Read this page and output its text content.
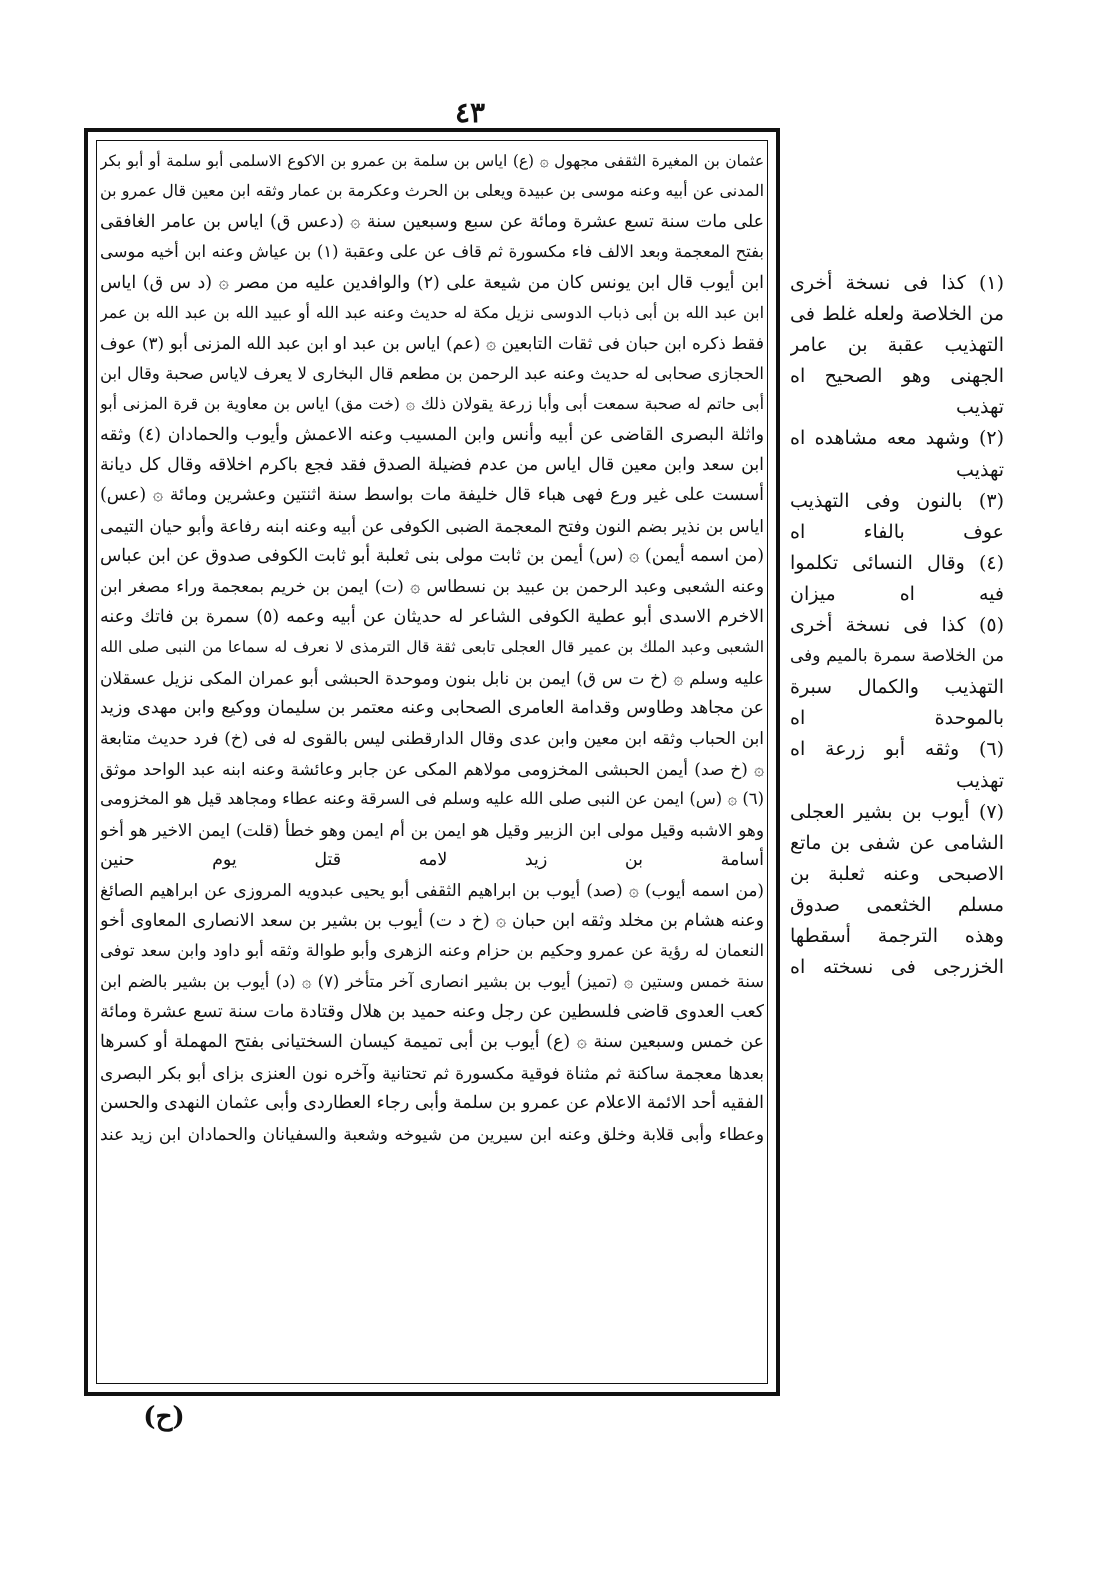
٤٣
عثمان بن المغيرة الثقفى مجهول ۞ (ع) اياس بن سلمة بن عمرو بن الاكوع الاسلمى أبو سلمة أو أبو بكر
المدنى عن أبيه وعنه موسى بن عبيدة ويعلى بن الحرث وعكرمة بن عمار وثقه ابن معين قال عمرو بن
على مات سنة تسع عشرة ومائة عن سبع وسبعين سنة ۞ (دعس ق) اياس بن عامر الغافقى
بفتح المعجمة وبعد الالف فاء مكسورة ثم قاف عن على وعقبة (١) بن عياش وعنه ابن أخيه موسى
ابن أيوب قال ابن يونس كان من شيعة على (٢) والوافدين عليه من مصر ۞ (د س ق) اياس
ابن عبد الله بن أبى ذباب الدوسى نزيل مكة له حديث وعنه عبد الله أو عبيد الله بن عبد الله بن عمر
فقط ذكره ابن حبان فى ثقات التابعين ۞ (عم) اياس بن عبد او ابن عبد الله المزنى أبو (٣) عوف
الحجازى صحابى له حديث وعنه عبد الرحمن بن مطعم قال البخارى لا يعرف لاياس صحبة وقال ابن
أبى حاتم له صحبة سمعت أبى وأبا زرعة يقولان ذلك ۞ (خت مق) اياس بن معاوية بن قرة المزنى أبو
واثلة البصرى القاضى عن أبيه وأنس وابن المسيب وعنه الاعمش وأيوب والحمادان (٤) وثقه
ابن سعد وابن معين قال اياس من عدم فضيلة الصدق فقد فجع باكرم اخلاقه وقال كل ديانة
أسست على غير ورع فهى هباء قال خليفة مات بواسط سنة اثنتين وعشرين ومائة ۞ (عس)
اياس بن نذير بضم النون وفتح المعجمة الضبى الكوفى عن أبيه وعنه ابنه رفاعة وأبو حيان التيمى
(من اسمه أيمن) ۞ (س) أيمن بن ثابت مولى بنى ثعلبة أبو ثابت الكوفى صدوق عن ابن عباس
وعنه الشعبى وعبد الرحمن بن عبيد بن نسطاس ۞ (ت) ايمن بن خريم بمعجمة وراء مصغر ابن
الاخرم الاسدى أبو عطية الكوفى الشاعر له حديثان عن أبيه وعمه (٥) سمرة بن فاتك وعنه
الشعبى وعبد الملك بن عمير قال العجلى تابعى ثقة قال الترمذى لا نعرف له سماعا من النبى صلى الله
عليه وسلم ۞ (خ ت س ق) ايمن بن نابل بنون وموحدة الحبشى أبو عمران المكى نزيل عسقلان
عن مجاهد وطاوس وقدامة العامرى الصحابى وعنه معتمر بن سليمان ووكيع وابن مهدى وزيد
ابن الحباب وثقه ابن معين وابن عدى وقال الدارقطنى ليس بالقوى له فى (خ) فرد حديث متابعة
۞ (خ صد) أيمن الحبشى المخزومى مولاهم المكى عن جابر وعائشة وعنه ابنه عبد الواحد موثق
(٦) ۞ (س) ايمن عن النبى صلى الله عليه وسلم فى السرقة وعنه عطاء ومجاهد قيل هو المخزومى
وهو الاشبه وقيل مولى ابن الزبير وقيل هو ايمن بن أم ايمن وهو خطأ (قلت) ايمن الاخير هو أخو
أسامة بن زيد لامه قتل يوم حنين
(من اسمه أيوب) ۞ (صد) أيوب بن ابراهيم الثقفى أبو يحيى عبدويه المروزى عن ابراهيم الصائغ
وعنه هشام بن مخلد وثقه ابن حبان ۞ (خ د ت) أيوب بن بشير بن سعد الانصارى المعاوى أخو
النعمان له رؤية عن عمرو وحكيم بن حزام وعنه الزهرى وأبو طوالة وثقه أبو داود وابن سعد توفى
سنة خمس وستين ۞ (تميز) أيوب بن بشير انصارى آخر متأخر (٧) ۞ (د) أيوب بن بشير بالضم ابن
كعب العدوى قاضى فلسطين عن رجل وعنه حميد بن هلال وقتادة مات سنة تسع عشرة ومائة
عن خمس وسبعين سنة ۞ (ع) أيوب بن أبى تميمة كيسان السختيانى بفتح المهملة أو كسرها
بعدها معجمة ساكنة ثم مثناة فوقية مكسورة ثم تحتانية وآخره نون العنزى بزاى أبو بكر البصرى
الفقيه أحد الائمة الاعلام عن عمرو بن سلمة وأبى رجاء العطاردى وأبى عثمان النهدى والحسن
وعطاء وأبى قلابة وخلق وعنه ابن سيرين من شيوخه وشعبة والسفيانان والحمادان ابن زيد عند
(١) كذا فى نسخة أخرى
من الخلاصة ولعله غلط فى
التهذيب عقبة بن عامر
الجهنى وهو الصحيح اه
تهذيب
(٢) وشهد معه مشاهده اه
تهذيب
(٣) بالنون وفى التهذيب
عوف بالفاء اه
(٤) وقال النسائى تكلموا
فيه اه ميزان
(٥) كذا فى نسخة أخرى
من الخلاصة سمرة بالميم وفى
التهذيب والكمال سبرة
بالموحدة اه
(٦) وثقه أبو زرعة اه
تهذيب
(٧) أيوب بن بشير العجلى
الشامى عن شفى بن ماتع
الاصبحى وعنه ثعلبة بن
مسلم الخثعمى صدوق
وهذه الترجمة أسقطها
الخزرجى فى نسخته اه
(ح)
